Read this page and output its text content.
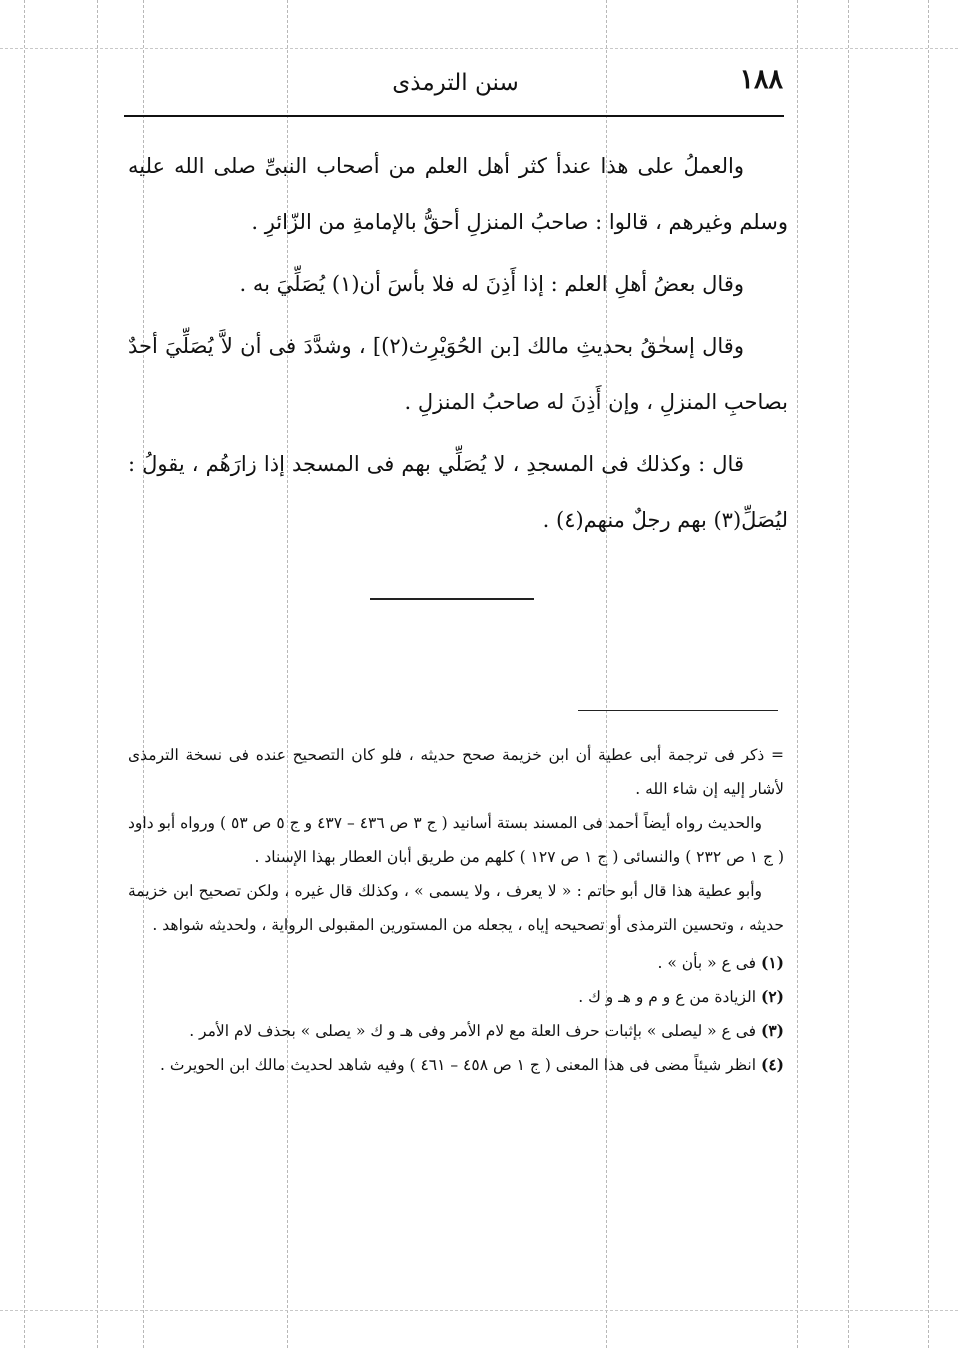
١٨٨
سنن الترمذى

والعملُ على هذا عندأ كثر أهل العلم من أصحاب النبىِّ صلى الله عليه وسلم وغيرهم ، قالوا : صاحبُ المنزلِ أحقُّ بالإمامةِ من الزّائرِ .

وقال بعضُ أهلِ العلم : إذا أَذِنَ له فلا بأسَ أن(١) يُصَلِّيَ به .

وقال إسحٰقُ بحديثِ مالك [بن الحُوَيْرِث(٢)] ، وشدَّدَ فى أن لاَّ يُصَلِّيَ أحدٌ بصاحبِ المنزلِ ، وإن أَذِنَ له صاحبُ المنزلِ .

قال : وكذلك فى المسجدِ ، لا يُصَلِّي بهم فى المسجد إذا زارَهُم ، يقولُ : ليُصَلِّ(٣) بهم رجلٌ منهم(٤) .

= ذكر فى ترجمة أبى عطية أن ابن خزيمة صحح حديثه ، فلو كان التصحيح عنده فى نسخة الترمذى لأشار إليه إن شاء الله .

والحديث رواه أيضاً أحمد فى المسند بستة أسانيد ( ج ٣ ص ٤٣٦ – ٤٣٧ و ج ٥ ص ٥٣ ) ورواه أبو داود ( ج ١ ص ٢٣٢ ) والنسائى ( ج ١ ص ١٢٧ ) كلهم من طريق أبان العطار بهذا الإسناد .

وأبو عطية هذا قال أبو حاتم : « لا يعرف ، ولا يسمى » ، وكذلك قال غيره ، ولكن تصحيح ابن خزيمة حديثه ، وتحسين الترمذى أو تصحيحه إياه ، يجعله من المستورين المقبولى الرواية ، ولحديثه شواهد .

(١) فى ع « بأن » .

(٢) الزيادة من ع و م و هـ و ك .

(٣) فى ع « ليصلى » بإثبات حرف العلة مع لام الأمر وفى هـ و ك « يصلى » بحذف لام الأمر .

(٤) انظر شيئاً مضى فى هذا المعنى ( ج ١ ص ٤٥٨ – ٤٦١ ) وفيه شاهد لحديث مالك ابن الحويرث .
